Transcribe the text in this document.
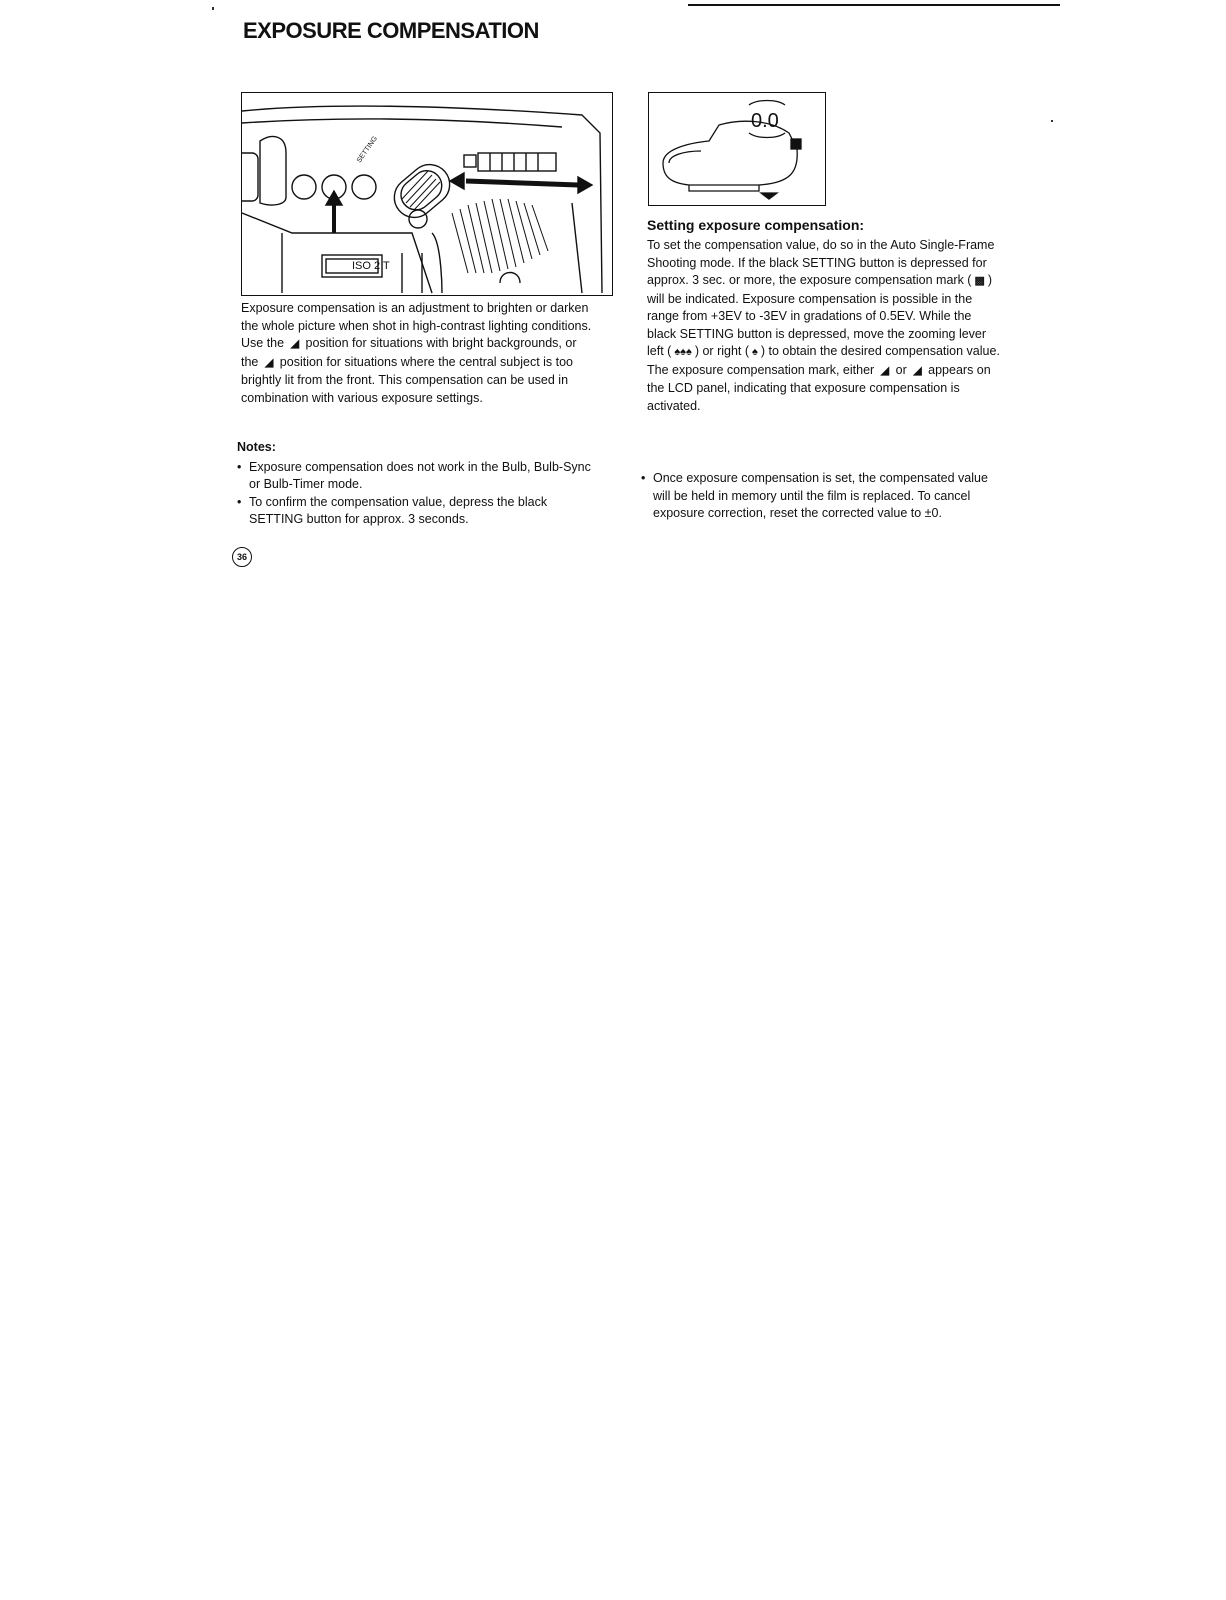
EXPOSURE COMPENSATION
ISO 2 T
SETTING
0.0

Exposure compensation is an adjustment to brighten or darken the whole picture when shot in high-contrast lighting conditions. Use the ◢ position for situations with bright backgrounds, or the ◢ position for situations where the central subject is too brightly lit from the front. This compensation can be used in combination with various exposure settings.

Notes:

• Exposure compensation does not work in the Bulb, Bulb-Sync or Bulb-Timer mode.
• To confirm the compensation value, depress the black SETTING button for approx. 3 seconds.

Setting exposure compensation:

To set the compensation value, do so in the Auto Single-Frame Shooting mode. If the black SETTING button is depressed for approx. 3 sec. or more, the exposure compensation mark ( ▩ ) will be indicated. Exposure compensation is possible in the range from +3EV to -3EV in gradations of 0.5EV. While the black SETTING button is depressed, move the zooming lever left ( ♠♠♠ ) or right ( ♠ ) to obtain the desired compensation value.
The exposure compensation mark, either ◢ or ◢ appears on the LCD panel, indicating that exposure compensation is activated.

• Once exposure compensation is set, the compensated value will be held in memory until the film is replaced. To cancel exposure correction, reset the corrected value to ±0.
36
